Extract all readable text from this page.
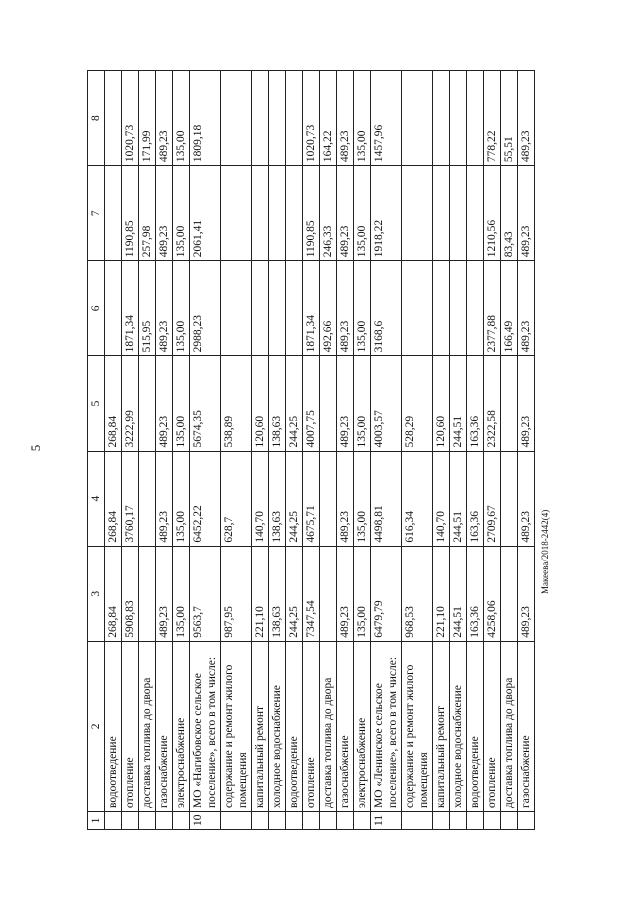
5
Макеева/2018-2442(4)
1	2	3	4	5	6	7	8
	водоотведение	268,84	268,84	268,84			
	отопление	5908,83	3760,17	3222,99	1871,34	1190,85	1020,73
	доставка топлива до двора				515,95	257,98	171,99
	газоснабжение	489,23	489,23	489,23	489,23	489,23	489,23
	электроснабжение	135,00	135,00	135,00	135,00	135,00	135,00
10	МО «Нагибовское сельское поселение», всего в том числе:	9563,7	6452,22	5674,35	2988,23	2061,41	1809,18
	содержание и ремонт жилого помещения	987,95	628,7	538,89			
	капитальный ремонт	221,10	140,70	120,60			
	холодное водоснабжение	138,63	138,63	138,63			
	водоотведение	244,25	244,25	244,25			
	отопление	7347,54	4675,71	4007,75	1871,34	1190,85	1020,73
	доставка топлива до двора				492,66	246,33	164,22
	газоснабжение	489,23	489,23	489,23	489,23	489,23	489,23
	электроснабжение	135,00	135,00	135,00	135,00	135,00	135,00
11	МО «Ленинское сельское поселение», всего в том числе:	6479,79	4498,81	4003,57	3168,6	1918,22	1457,96
	содержание и ремонт жилого помещения	968,53	616,34	528,29			
	капитальный ремонт	221,10	140,70	120,60			
	холодное водоснабжение	244,51	244,51	244,51			
	водоотведение	163,36	163,36	163,36			
	отопление	4258,06	2709,67	2322,58	2377,88	1210,56	778,22
	доставка топлива до двора				166,49	83,43	55,51
	газоснабжение	489,23	489,23	489,23	489,23	489,23	489,23
